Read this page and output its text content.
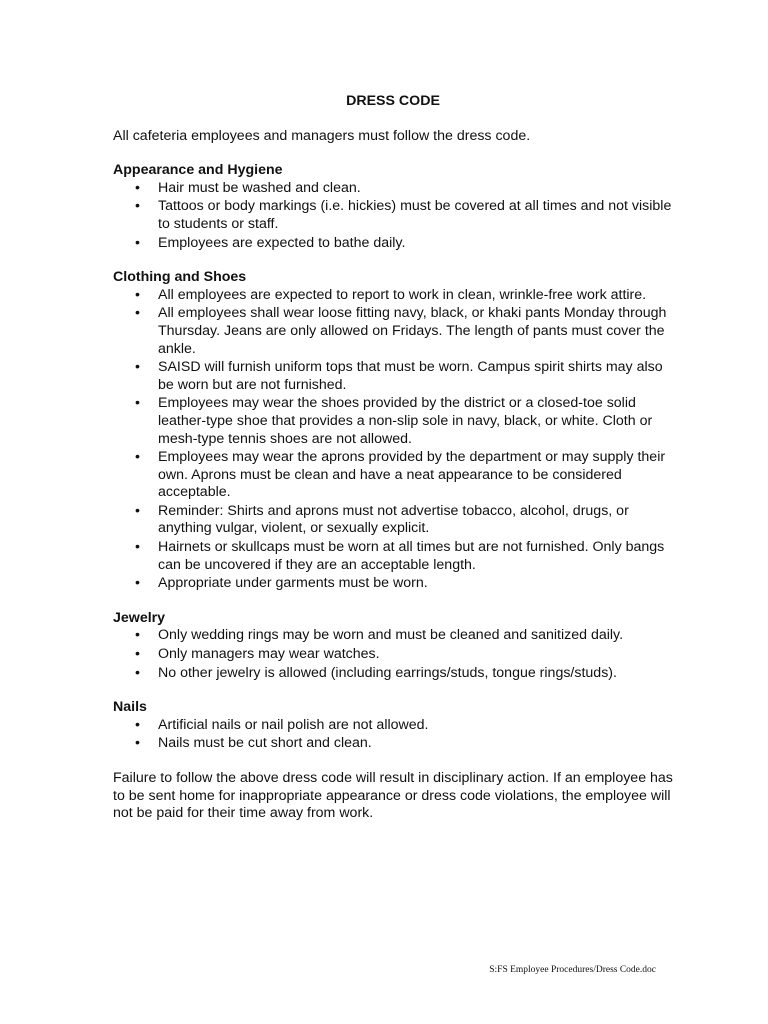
DRESS CODE
All cafeteria employees and managers must follow the dress code.
Appearance and Hygiene
• Hair must be washed and clean.
• Tattoos or body markings (i.e. hickies) must be covered at all times and not visible to students or staff.
• Employees are expected to bathe daily.
Clothing and Shoes
• All employees are expected to report to work in clean, wrinkle-free work attire.
• All employees shall wear loose fitting navy, black, or khaki pants Monday through Thursday. Jeans are only allowed on Fridays. The length of pants must cover the ankle.
• SAISD will furnish uniform tops that must be worn. Campus spirit shirts may also be worn but are not furnished.
• Employees may wear the shoes provided by the district or a closed-toe solid leather-type shoe that provides a non-slip sole in navy, black, or white. Cloth or mesh-type tennis shoes are not allowed.
• Employees may wear the aprons provided by the department or may supply their own. Aprons must be clean and have a neat appearance to be considered acceptable.
• Reminder: Shirts and aprons must not advertise tobacco, alcohol, drugs, or anything vulgar, violent, or sexually explicit.
• Hairnets or skullcaps must be worn at all times but are not furnished. Only bangs can be uncovered if they are an acceptable length.
• Appropriate under garments must be worn.
Jewelry
• Only wedding rings may be worn and must be cleaned and sanitized daily.
• Only managers may wear watches.
• No other jewelry is allowed (including earrings/studs, tongue rings/studs).
Nails
• Artificial nails or nail polish are not allowed.
• Nails must be cut short and clean.
Failure to follow the above dress code will result in disciplinary action. If an employee has to be sent home for inappropriate appearance or dress code violations, the employee will not be paid for their time away from work.
S:FS Employee Procedures/Dress Code.doc
